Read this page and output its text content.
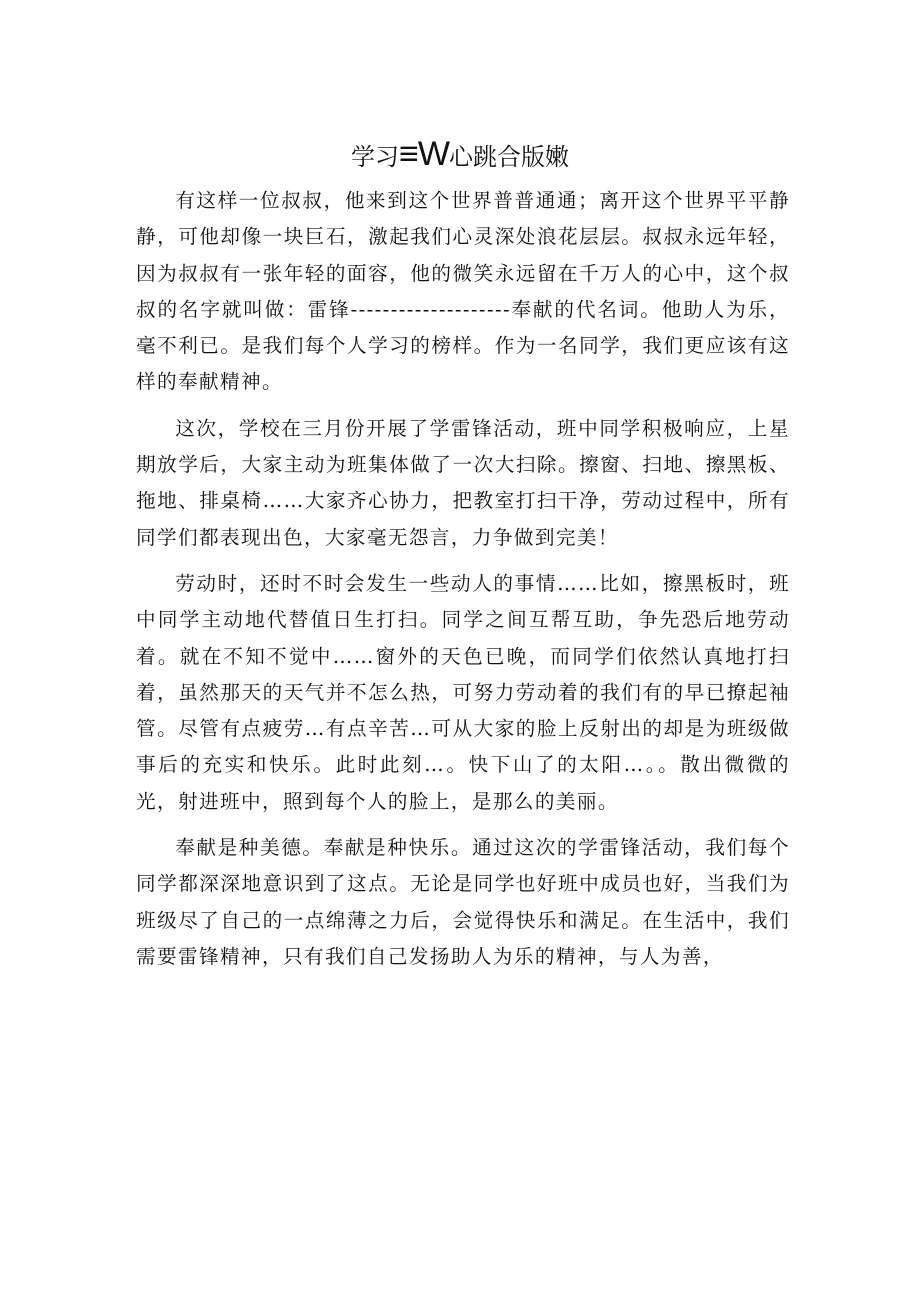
学习≡W心跳合版嫩

有这样一位叔叔，他来到这个世界普普通通；离开这个世界平平静静，可他却像一块巨石，激起我们心灵深处浪花层层。叔叔永远年轻，因为叔叔有一张年轻的面容，他的微笑永远留在千万人的心中，这个叔叔的名字就叫做：雷锋--------------------奉献的代名词。他助人为乐，毫不利已。是我们每个人学习的榜样。作为一名同学，我们更应该有这样的奉献精神。

这次，学校在三月份开展了学雷锋活动，班中同学积极响应，上星期放学后，大家主动为班集体做了一次大扫除。擦窗、扫地、擦黑板、拖地、排桌椅……大家齐心协力，把教室打扫干净，劳动过程中，所有同学们都表现出色，大家毫无怨言，力争做到完美！

劳动时，还时不时会发生一些动人的事情……比如，擦黑板时，班中同学主动地代替值日生打扫。同学之间互帮互助，争先恐后地劳动着。就在不知不觉中……窗外的天色已晚，而同学们依然认真地打扫着，虽然那天的天气并不怎么热，可努力劳动着的我们有的早已撩起袖管。尽管有点疲劳…有点辛苦…可从大家的脸上反射出的却是为班级做事后的充实和快乐。此时此刻…。快下山了的太阳…。。散出微微的光，射进班中，照到每个人的脸上，是那么的美丽。

奉献是种美德。奉献是种快乐。通过这次的学雷锋活动，我们每个同学都深深地意识到了这点。无论是同学也好班中成员也好，当我们为班级尽了自己的一点绵薄之力后，会觉得快乐和满足。在生活中，我们需要雷锋精神，只有我们自己发扬助人为乐的精神，与人为善，
